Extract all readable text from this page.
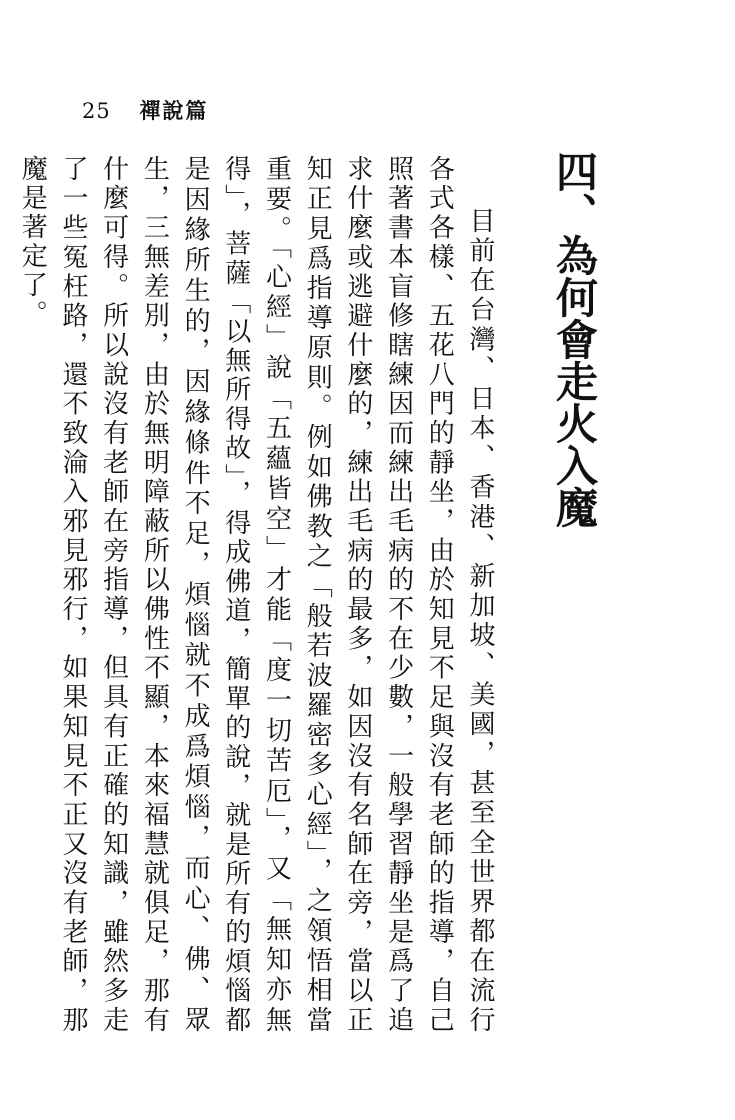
25 禪說篇
四、為何會走火入魔

目前在台灣、日本、香港、新加坡、美國，甚至全世界都在流行各式各樣、五花八門的靜坐，由於知見不足與沒有老師的指導，自己照著書本盲修瞎練因而練出毛病的不在少數，一般學習靜坐是爲了追求什麼或逃避什麼的，練出毛病的最多，如因沒有名師在旁，當以正知正見爲指導原則。例如佛教之「般若波羅密多心經」，之領悟相當重要。「心經」說「五蘊皆空」才能「度一切苦厄」，又「無知亦無得」，菩薩「以無所得故」，得成佛道，簡單的說，就是所有的煩惱都是因緣所生的，因緣條件不足，煩惱就不成爲煩惱，而心、佛、眾生，三無差別，由於無明障蔽所以佛性不顯，本來福慧就俱足，那有什麼可得。所以說沒有老師在旁指導，但具有正確的知識，雖然多走了一些冤枉路，還不致淪入邪見邪行，如果知見不正又沒有老師，那魔是著定了。
